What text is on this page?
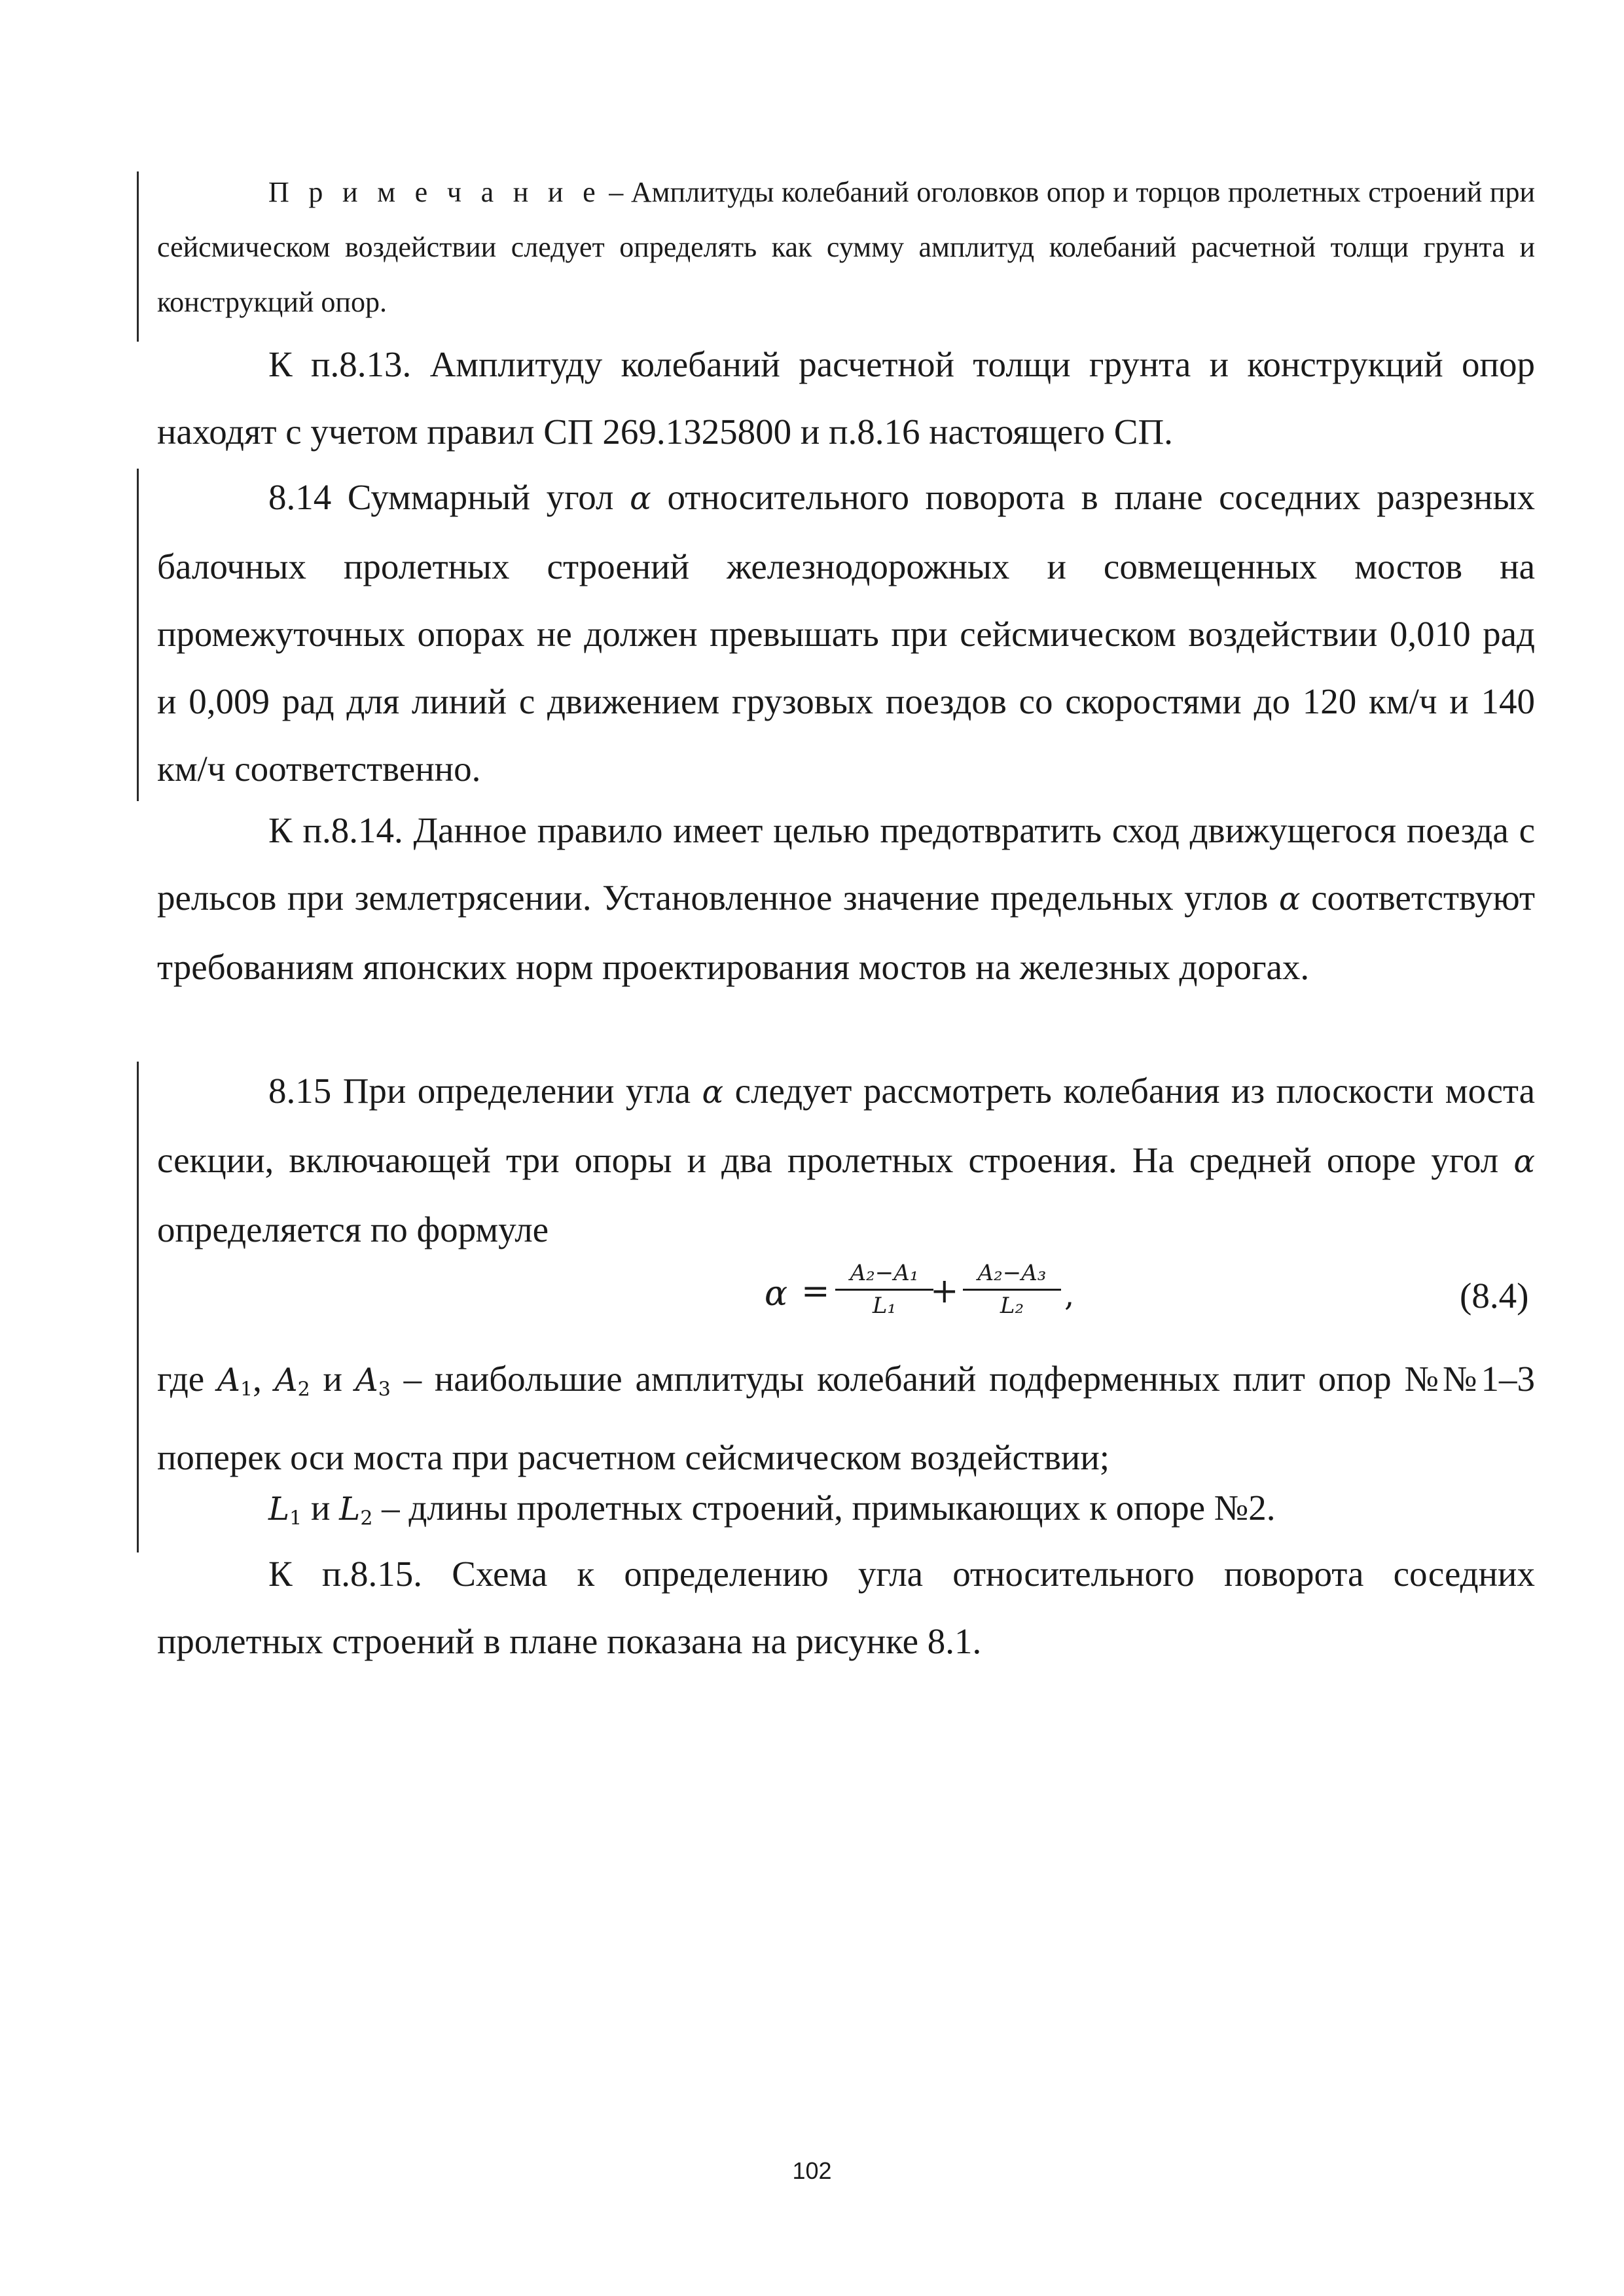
П р и м е ч а н и е – Амплитуды колебаний оголовков опор и торцов пролетных строений при сейсмическом воздействии следует определять как сумму амплитуд колебаний расчетной толщи грунта и конструкций опор.
К п.8.13. Амплитуду колебаний расчетной толщи грунта и конструкций опор находят с учетом правил СП 269.1325800 и п.8.16 настоящего СП.
8.14 Суммарный угол α относительного поворота в плане соседних разрезных балочных пролетных строений железнодорожных и совмещенных мостов на промежуточных опорах не должен превышать при сейсмическом воздействии 0,010 рад и 0,009 рад для линий с движением грузовых поездов со скоростями до 120 км/ч и 140 км/ч соответственно.
К п.8.14. Данное правило имеет целью предотвратить сход движущегося поезда с рельсов при землетрясении. Установленное значение предельных углов α соответствуют требованиям японских норм проектирования мостов на железных дорогах.
8.15 При определении угла α следует рассмотреть колебания из плоскости моста секции, включающей три опоры и два пролетных строения. На средней опоре угол α определяется по формуле
α = A₂−A₁
L₁ + A₂−A₃
L₂	,	(8.4)
где $A_1$, $A_2$ и $A_3$ – наибольшие амплитуды колебаний подферменных плит опор №№1–3 поперек оси моста при расчетном сейсмическом воздействии;
$L_1$ и $L_2$ – длины пролетных строений, примыкающих к опоре №2.
К п.8.15. Схема к определению угла относительного поворота соседних пролетных строений в плане показана на рисунке 8.1.
102
